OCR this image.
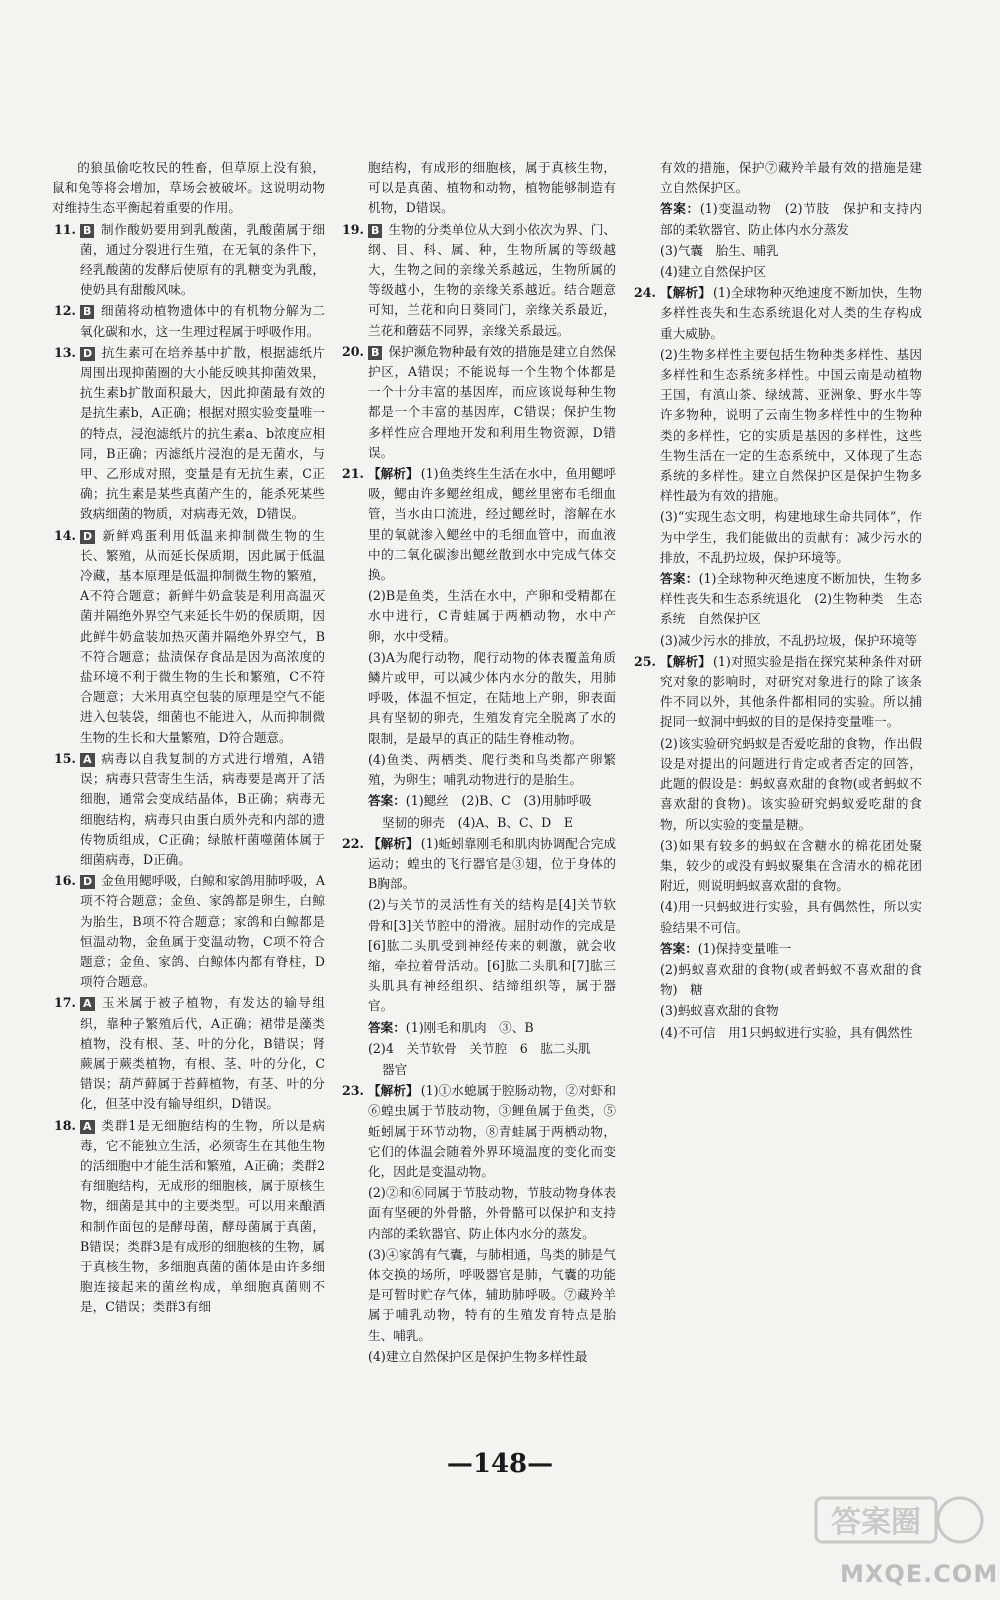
的狼虽偷吃牧民的牲畜，但草原上没有狼，鼠和兔等将会增加，草场会被破坏。这说明动物对维持生态平衡起着重要的作用。
11. B 制作酸奶要用到乳酸菌，乳酸菌属于细菌，通过分裂进行生殖，在无氧的条件下，经乳酸菌的发酵后使原有的乳糖变为乳酸，使奶具有甜酸风味。
12. B 细菌将动植物遗体中的有机物分解为二氧化碳和水，这一生理过程属于呼吸作用。
13. D 抗生素可在培养基中扩散，根据滤纸片周围出现抑菌圈的大小能反映其抑菌效果，抗生素b扩散面积最大，因此抑菌最有效的是抗生素b，A正确；根据对照实验变量唯一的特点，浸泡滤纸片的抗生素a、b浓度应相同，B正确；丙滤纸片浸泡的是无菌水，与甲、乙形成对照，变量是有无抗生素，C正确；抗生素是某些真菌产生的，能杀死某些致病细菌的物质，对病毒无效，D错误。
14. D 新鲜鸡蛋利用低温来抑制微生物的生长、繁殖，从而延长保质期，因此属于低温冷藏，基本原理是低温抑制微生物的繁殖，A不符合题意；新鲜牛奶盒装是利用高温灭菌并隔绝外界空气来延长牛奶的保质期，因此鲜牛奶盒装加热灭菌并隔绝外界空气，B不符合题意；盐渍保存食品是因为高浓度的盐环境不利于微生物的生长和繁殖，C不符合题意；大米用真空包装的原理是空气不能进入包装袋，细菌也不能进入，从而抑制微生物的生长和大量繁殖，D符合题意。
15. A 病毒以自我复制的方式进行增殖，A错误；病毒只营寄生生活，病毒要是离开了活细胞，通常会变成结晶体，B正确；病毒无细胞结构，病毒只由蛋白质外壳和内部的遗传物质组成，C正确；绿脓杆菌噬菌体属于细菌病毒，D正确。
16. D 金鱼用鳃呼吸，白鲸和家鸽用肺呼吸，A项不符合题意；金鱼、家鸽都是卵生，白鲸为胎生，B项不符合题意；家鸽和白鲸都是恒温动物，金鱼属于变温动物，C项不符合题意；金鱼、家鸽、白鲸体内都有脊柱，D项符合题意。
17. A 玉米属于被子植物，有发达的输导组织，靠种子繁殖后代，A正确；裙带是藻类植物，没有根、茎、叶的分化，B错误；肾蕨属于蕨类植物，有根、茎、叶的分化，C错误；葫芦藓属于苔藓植物，有茎、叶的分化，但茎中没有输导组织，D错误。
18. A 类群1是无细胞结构的生物，所以是病毒，它不能独立生活，必须寄生在其他生物的活细胞中才能生活和繁殖，A正确；类群2有细胞结构，无成形的细胞核，属于原核生物，细菌是其中的主要类型。可以用来酿酒和制作面包的是酵母菌，酵母菌属于真菌，B错误；类群3是有成形的细胞核的生物，属于真核生物，多细胞真菌的菌体是由许多细胞连接起来的菌丝构成，单细胞真菌则不是，C错误；类群3有细
胞结构，有成形的细胞核，属于真核生物，可以是真菌、植物和动物，植物能够制造有机物，D错误。
19. B 生物的分类单位从大到小依次为界、门、纲、目、科、属、种，生物所属的等级越大，生物之间的亲缘关系越远，生物所属的等级越小，生物的亲缘关系越近。结合题意可知，兰花和向日葵同门，亲缘关系最近，兰花和蘑菇不同界，亲缘关系最远。
20. B 保护濒危物种最有效的措施是建立自然保护区，A错误；不能说每一个生物个体都是一个十分丰富的基因库，而应该说每种生物都是一个丰富的基因库，C错误；保护生物多样性应合理地开发和利用生物资源，D错误。
21. 【解析】 (1)鱼类终生生活在水中，鱼用鳃呼吸，鳃由许多鳃丝组成，鳃丝里密布毛细血管，当水由口流进，经过鳃丝时，溶解在水里的氧就渗入鳃丝中的毛细血管中，而血液中的二氧化碳渗出鳃丝散到水中完成气体交换。
(2)B是鱼类，生活在水中，产卵和受精都在水中进行，C青蛙属于两栖动物，水中产卵，水中受精。
(3)A为爬行动物，爬行动物的体表覆盖角质鳞片或甲，可以减少体内水分的散失，用肺呼吸，体温不恒定，在陆地上产卵，卵表面具有坚韧的卵壳，生殖发育完全脱离了水的限制，是最早的真正的陆生脊椎动物。
(4)鱼类、两栖类、爬行类和鸟类都产卵繁殖，为卵生；哺乳动物进行的是胎生。
答案：(1)鳃丝　(2)B、C　(3)用肺呼吸
坚韧的卵壳　(4)A、B、C、D　E
22. 【解析】 (1)蚯蚓靠刚毛和肌肉协调配合完成运动；蝗虫的飞行器官是③翅，位于身体的B胸部。
(2)与关节的灵活性有关的结构是[4]关节软骨和[3]关节腔中的滑液。屈肘动作的完成是[6]肱二头肌受到神经传来的刺激，就会收缩，牵拉着骨活动。[6]肱二头肌和[7]肱三头肌具有神经组织、结缔组织等，属于器官。
答案：(1)刚毛和肌肉　③、B
(2)4　关节软骨　关节腔　6　肱二头肌
器官
23. 【解析】 (1)①水螅属于腔肠动物，②对虾和⑥蝗虫属于节肢动物，③鲤鱼属于鱼类，⑤蚯蚓属于环节动物，⑧青蛙属于两栖动物，它们的体温会随着外界环境温度的变化而变化，因此是变温动物。
(2)②和⑥同属于节肢动物，节肢动物身体表面有坚硬的外骨骼，外骨骼可以保护和支持内部的柔软器官、防止体内水分的蒸发。
(3)④家鸽有气囊，与肺相通，鸟类的肺是气体交换的场所，呼吸器官是肺，气囊的功能是可暂时贮存气体，辅助肺呼吸。⑦藏羚羊属于哺乳动物，特有的生殖发育特点是胎生、哺乳。
(4)建立自然保护区是保护生物多样性最
有效的措施，保护⑦藏羚羊最有效的措施是建立自然保护区。
答案：(1)变温动物　(2)节肢　保护和支持内部的柔软器官、防止体内水分蒸发
(3)气囊　胎生、哺乳
(4)建立自然保护区
24. 【解析】 (1)全球物种灭绝速度不断加快，生物多样性丧失和生态系统退化对人类的生存构成重大威胁。
(2)生物多样性主要包括生物种类多样性、基因多样性和生态系统多样性。中国云南是动植物王国，有滇山茶、绿绒蒿、亚洲象、野水牛等许多物种，说明了云南生物多样性中的生物种类的多样性，它的实质是基因的多样性，这些生物生活在一定的生态系统中，又体现了生态系统的多样性。建立自然保护区是保护生物多样性最为有效的措施。
(3)“实现生态文明，构建地球生命共同体”，作为中学生，我们能做出的贡献有：减少污水的排放，不乱扔垃圾，保护环境等。
答案：(1)全球物种灭绝速度不断加快，生物多样性丧失和生态系统退化　(2)生物种类　生态系统　自然保护区
(3)减少污水的排放，不乱扔垃圾，保护环境等
25. 【解析】 (1)对照实验是指在探究某种条件对研究对象的影响时，对研究对象进行的除了该条件不同以外，其他条件都相同的实验。所以捕捉同一蚁洞中蚂蚁的目的是保持变量唯一。
(2)该实验研究蚂蚁是否爱吃甜的食物，作出假设是对提出的问题进行肯定或者否定的回答，此题的假设是：蚂蚁喜欢甜的食物(或者蚂蚁不喜欢甜的食物)。该实验研究蚂蚁爱吃甜的食物，所以实验的变量是糖。
(3)如果有较多的蚂蚁在含糖水的棉花团处聚集，较少的或没有蚂蚁聚集在含清水的棉花团附近，则说明蚂蚁喜欢甜的食物。
(4)用一只蚂蚁进行实验，具有偶然性，所以实验结果不可信。
答案：(1)保持变量唯一
(2)蚂蚁喜欢甜的食物(或者蚂蚁不喜欢甜的食物)　糖
(3)蚂蚁喜欢甜的食物
(4)不可信　用1只蚂蚁进行实验，具有偶然性
—148—
答案圈
MXQE.COM
